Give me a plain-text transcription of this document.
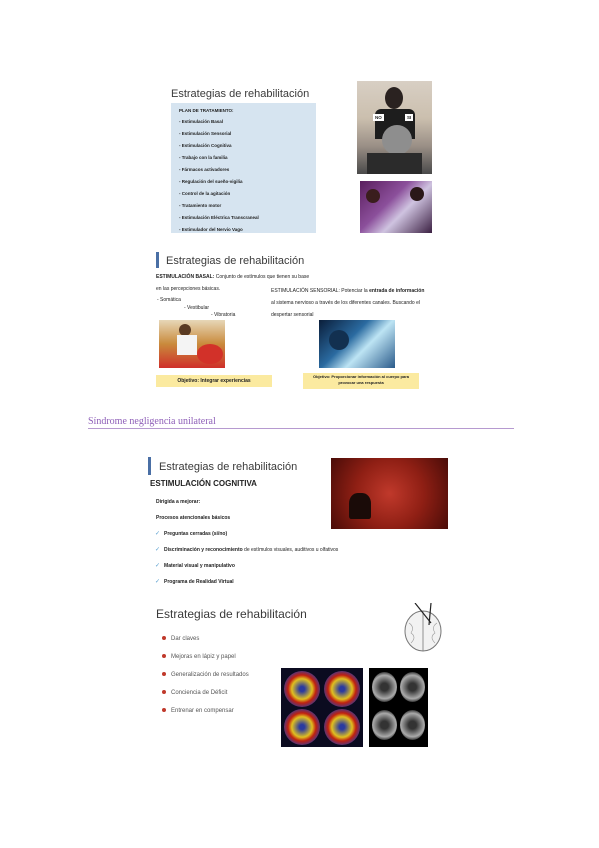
Estrategias de rehabilitación
PLAN DE TRATAMIENTO:
- Estimulación Basal
- Estimulación Sensorial
- Estimulación Cognitiva
- Trabajo con la familia
- Fármacos activadores
- Regulación del sueño-vigilia
- Control de la agitación
- Tratamiento motor
- Estimulación Eléctrica Transcraneal
- Estimulador del Nervio Vago
NO	SI
Estrategias de rehabilitación
ESTIMULACIÓN BASAL: Conjunto de estímulos que tienen su base
en las percepciones básicas.
- Somática
- Vestibular
- Vibratoria
ESTIMULACIÓN SENSORIAL: Potenciar la entrada de información
al sistema nervioso a través de los diferentes canales. Buscando el
despertar sensorial
Objetivo: Integrar experiencias
Objetivo: Proporcionar información al cuerpo para
provocar una respuesta
Síndrome negligencia unilateral
Estrategias de rehabilitación
ESTIMULACIÓN COGNITIVA
Dirigida a mejorar:
Procesos atencionales básicos
✓ Preguntas cerradas (si/no)
✓ Discriminación y reconocimiento de estímulos visuales, auditivos u olfativos
✓ Material visual y manipulativo
✓ Programa de Realidad Virtual
Estrategias de rehabilitación
Dar claves
Mejoras en lápiz y papel
Generalización de resultados
Conciencia de Déficit
Entrenar en compensar
